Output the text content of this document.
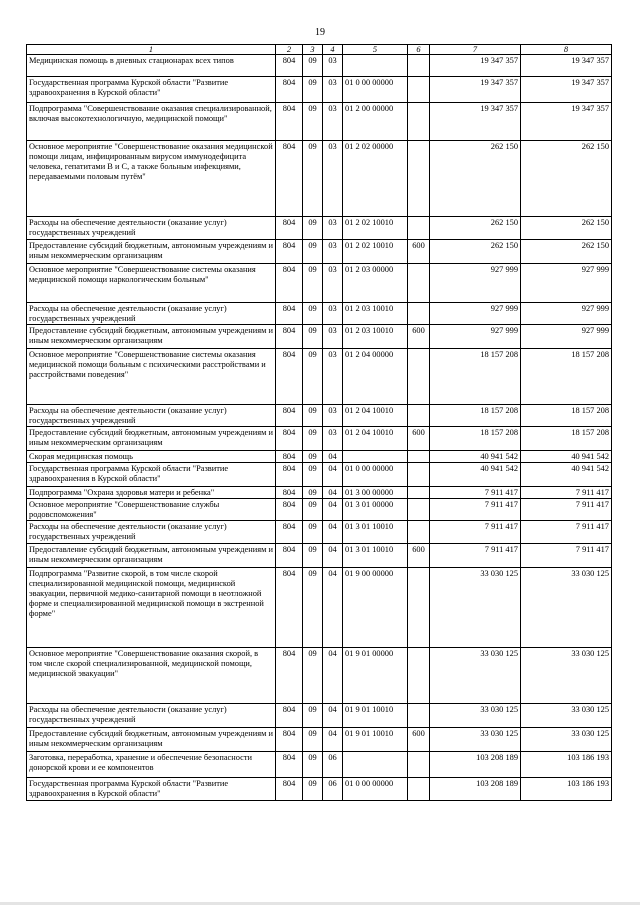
19
1	2	3	4	5	6	7	8
Медицинская помощь в дневных стационарах всех типов	804	09	03			19 347 357	19 347 357
Государственная программа Курской области "Развитие здравоохранения в Курской области"	804	09	03	01 0 00 00000		19 347 357	19 347 357
Подпрограмма "Совершенствование оказания специализированной, включая высокотехнологичную, медицинской помощи"	804	09	03	01 2 00 00000		19 347 357	19 347 357
Основное мероприятие "Совершенствование оказания медицинской помощи лицам, инфицированным вирусом иммунодефицита человека, гепатитами В и С, а также больным инфекциями, передаваемыми половым путём"	804	09	03	01 2 02 00000		262 150	262 150
Расходы на обеспечение деятельности (оказание услуг) государственных учреждений	804	09	03	01 2 02 10010		262 150	262 150
Предоставление субсидий бюджетным, автономным учреждениям и иным некоммерческим организациям	804	09	03	01 2 02 10010	600	262 150	262 150
Основное мероприятие "Совершенствование системы оказания медицинской помощи наркологическим больным"	804	09	03	01 2 03 00000		927 999	927 999
Расходы на обеспечение деятельности (оказание услуг) государственных учреждений	804	09	03	01 2 03 10010		927 999	927 999
Предоставление субсидий бюджетным, автономным учреждениям и иным некоммерческим организациям	804	09	03	01 2 03 10010	600	927 999	927 999
Основное мероприятие "Совершенствование системы оказания медицинской помощи больным с психическими расстройствами и расстройствами поведения"	804	09	03	01 2 04 00000		18 157 208	18 157 208
Расходы на обеспечение деятельности (оказание услуг) государственных учреждений	804	09	03	01 2 04 10010		18 157 208	18 157 208
Предоставление субсидий бюджетным, автономным учреждениям и иным некоммерческим организациям	804	09	03	01 2 04 10010	600	18 157 208	18 157 208
Скорая медицинская помощь	804	09	04			40 941 542	40 941 542
Государственная программа Курской области "Развитие здравоохранения в Курской области"	804	09	04	01 0 00 00000		40 941 542	40 941 542
Подпрограмма "Охрана здоровья матери и ребенка"	804	09	04	01 3 00 00000		7 911 417	7 911 417
Основное мероприятие "Совершенствование службы родовспоможения"	804	09	04	01 3 01 00000		7 911 417	7 911 417
Расходы на обеспечение деятельности (оказание услуг) государственных учреждений	804	09	04	01 3 01 10010		7 911 417	7 911 417
Предоставление субсидий бюджетным, автономным учреждениям и иным некоммерческим организациям	804	09	04	01 3 01 10010	600	7 911 417	7 911 417
Подпрограмма "Развитие скорой, в том числе скорой специализированной медицинской помощи, медицинской эвакуации, первичной медико-санитарной помощи в неотложной форме и специализированной медицинской помощи в экстренной форме"	804	09	04	01 9 00 00000		33 030 125	33 030 125
Основное мероприятие "Совершенствование оказания скорой, в том числе скорой специализированной, медицинской помощи, медицинской эвакуации"	804	09	04	01 9 01 00000		33 030 125	33 030 125
Расходы на обеспечение деятельности (оказание услуг) государственных учреждений	804	09	04	01 9 01 10010		33 030 125	33 030 125
Предоставление субсидий бюджетным, автономным учреждениям и иным некоммерческим организациям	804	09	04	01 9 01 10010	600	33 030 125	33 030 125
Заготовка, переработка, хранение и обеспечение безопасности донорской крови и ее компонентов	804	09	06			103 208 189	103 186 193
Государственная программа Курской области "Развитие здравоохранения в Курской области"	804	09	06	01 0 00 00000		103 208 189	103 186 193
